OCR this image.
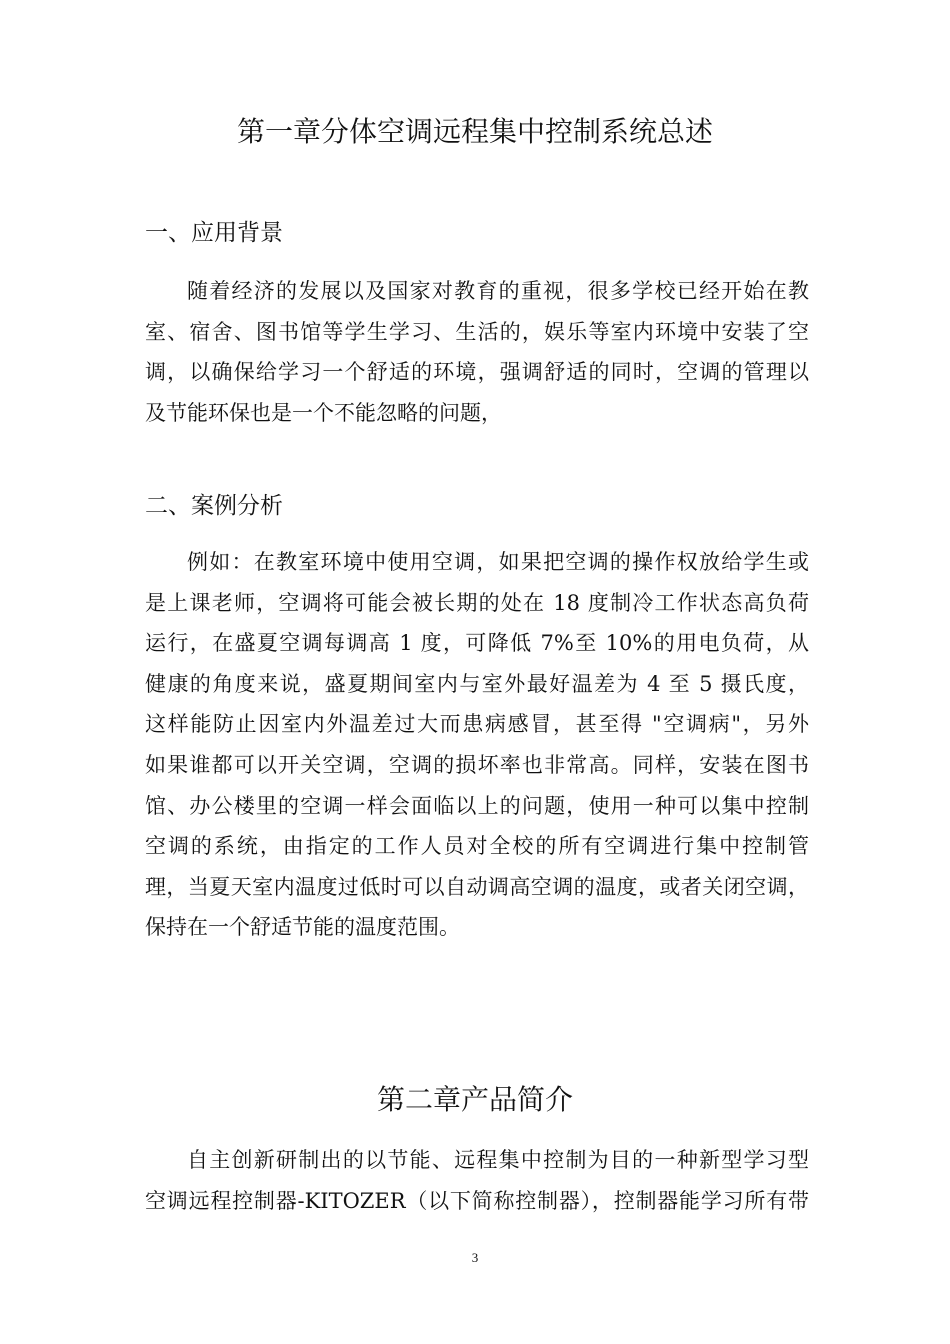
第一章分体空调远程集中控制系统总述
一、应用背景
随着经济的发展以及国家对教育的重视，很多学校已经开始在教
室、宿舍、图书馆等学生学习、生活的，娱乐等室内环境中安装了空
调，以确保给学习一个舒适的环境，强调舒适的同时，空调的管理以
及节能环保也是一个不能忽略的问题，
二、案例分析
例如：在教室环境中使用空调，如果把空调的操作权放给学生或
是上课老师，空调将可能会被长期的处在 18 度制冷工作状态高负荷
运行，在盛夏空调每调高 1 度，可降低 7%至 10%的用电负荷，从
健康的角度来说，盛夏期间室内与室外最好温差为 4 至 5 摄氏度，
这样能防止因室内外温差过大而患病感冒，甚至得 "空调病"，另外
如果谁都可以开关空调，空调的损坏率也非常高。同样，安装在图书
馆、办公楼里的空调一样会面临以上的问题，使用一种可以集中控制
空调的系统，由指定的工作人员对全校的所有空调进行集中控制管
理，当夏天室内温度过低时可以自动调高空调的温度，或者关闭空调，
保持在一个舒适节能的温度范围。
第二章产品简介
自主创新研制出的以节能、远程集中控制为目的一种新型学习型
空调远程控制器-KITOZER（以下简称控制器），控制器能学习所有带
3
